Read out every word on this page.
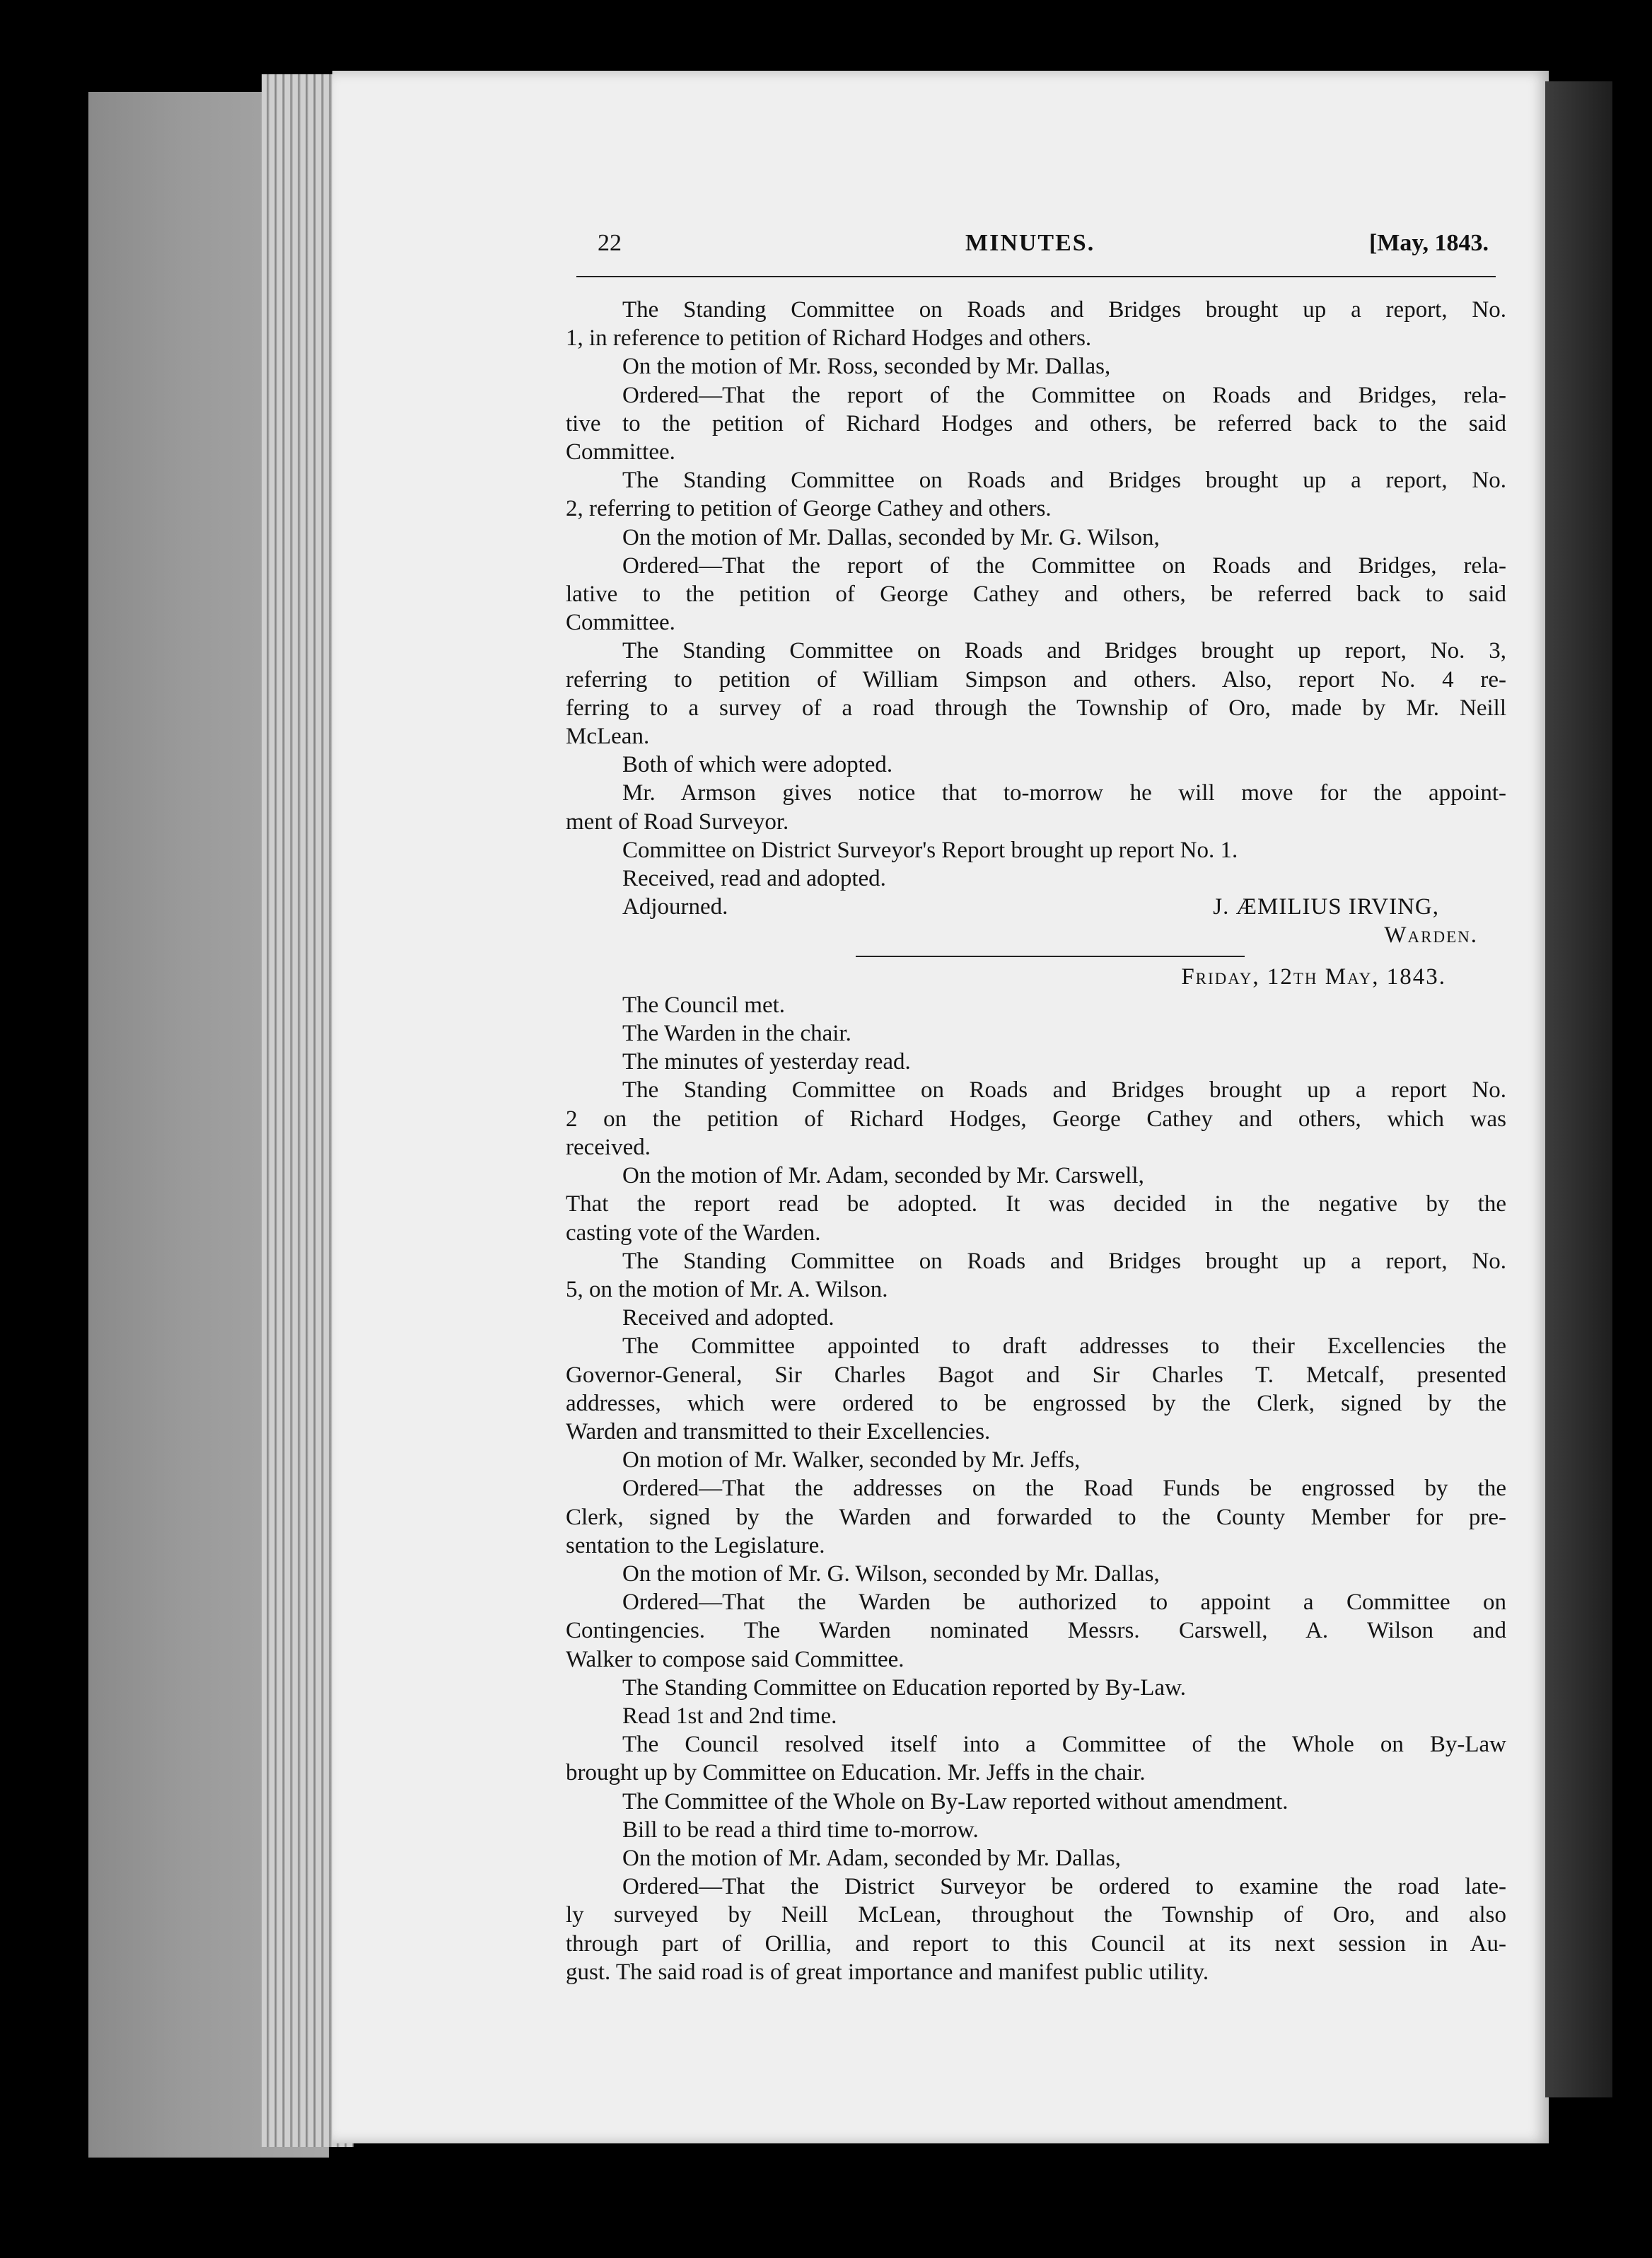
22	MINUTES.	[May, 1843.
The Standing Committee on Roads and Bridges brought up a report, No.
1, in reference to petition of Richard Hodges and others.
On the motion of Mr. Ross, seconded by Mr. Dallas,
Ordered—That the report of the Committee on Roads and Bridges, rela-
tive to the petition of Richard Hodges and others, be referred back to the said
Committee.
The Standing Committee on Roads and Bridges brought up a report, No.
2, referring to petition of George Cathey and others.
On the motion of Mr. Dallas, seconded by Mr. G. Wilson,
Ordered—That the report of the Committee on Roads and Bridges, rela-
lative to the petition of George Cathey and others, be referred back to said
Committee.
The Standing Committee on Roads and Bridges brought up report, No. 3,
referring to petition of William Simpson and others. Also, report No. 4 re-
ferring to a survey of a road through the Township of Oro, made by Mr. Neill
McLean.
Both of which were adopted.
Mr. Armson gives notice that to-morrow he will move for the appoint-
ment of Road Surveyor.
Committee on District Surveyor's Report brought up report No. 1.
Received, read and adopted.
Adjourned.	J. ÆMILIUS IRVING,
Warden.
Friday, 12th May, 1843.
The Council met.
The Warden in the chair.
The minutes of yesterday read.
The Standing Committee on Roads and Bridges brought up a report No.
2 on the petition of Richard Hodges, George Cathey and others, which was
received.
On the motion of Mr. Adam, seconded by Mr. Carswell,
That the report read be adopted. It was decided in the negative by the
casting vote of the Warden.
The Standing Committee on Roads and Bridges brought up a report, No.
5, on the motion of Mr. A. Wilson.
Received and adopted.
The Committee appointed to draft addresses to their Excellencies the
Governor-General, Sir Charles Bagot and Sir Charles T. Metcalf, presented
addresses, which were ordered to be engrossed by the Clerk, signed by the
Warden and transmitted to their Excellencies.
On motion of Mr. Walker, seconded by Mr. Jeffs,
Ordered—That the addresses on the Road Funds be engrossed by the
Clerk, signed by the Warden and forwarded to the County Member for pre-
sentation to the Legislature.
On the motion of Mr. G. Wilson, seconded by Mr. Dallas,
Ordered—That the Warden be authorized to appoint a Committee on
Contingencies. The Warden nominated Messrs. Carswell, A. Wilson and
Walker to compose said Committee.
The Standing Committee on Education reported by By-Law.
Read 1st and 2nd time.
The Council resolved itself into a Committee of the Whole on By-Law
brought up by Committee on Education. Mr. Jeffs in the chair.
The Committee of the Whole on By-Law reported without amendment.
Bill to be read a third time to-morrow.
On the motion of Mr. Adam, seconded by Mr. Dallas,
Ordered—That the District Surveyor be ordered to examine the road late-
ly surveyed by Neill McLean, throughout the Township of Oro, and also
through part of Orillia, and report to this Council at its next session in Au-
gust. The said road is of great importance and manifest public utility.
